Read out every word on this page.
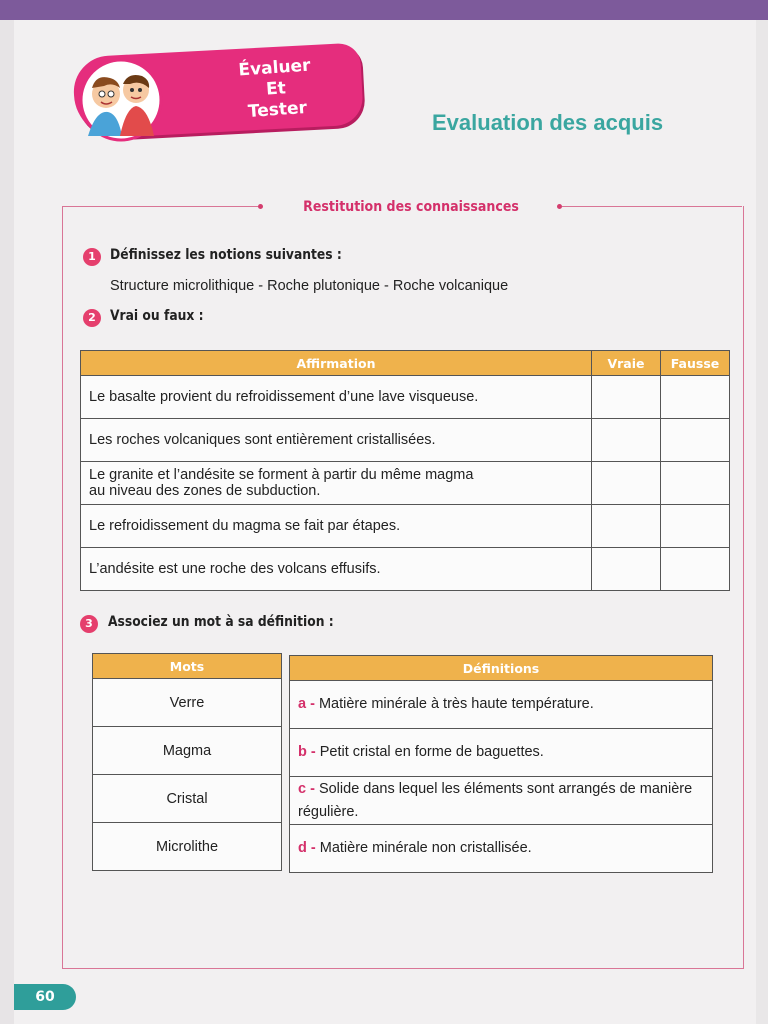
Évaluer
Et
Tester
Evaluation des acquis
Restitution des connaissances
1	Définissez les notions suivantes :
Structure microlithique - Roche plutonique - Roche volcanique
2	Vrai ou faux :
Affirmation	Vraie	Fausse
Le basalte provient du refroidissement d’une lave visqueuse.		
Les roches volcaniques sont entièrement cristallisées.		
Le granite et l’andésite se forment à partir du même magma au niveau des zones de subduction.		
Le refroidissement du magma se fait par étapes.		
L’andésite est une roche des volcans effusifs.		
3	Associez un mot à sa définition :
Mots
Verre
Magma
Cristal
Microlithe
Définitions
a - Matière minérale à très haute température.
b - Petit cristal en forme de baguettes.
c - Solide dans lequel les éléments sont arrangés de manière régulière.
d - Matière minérale non cristallisée.
60
